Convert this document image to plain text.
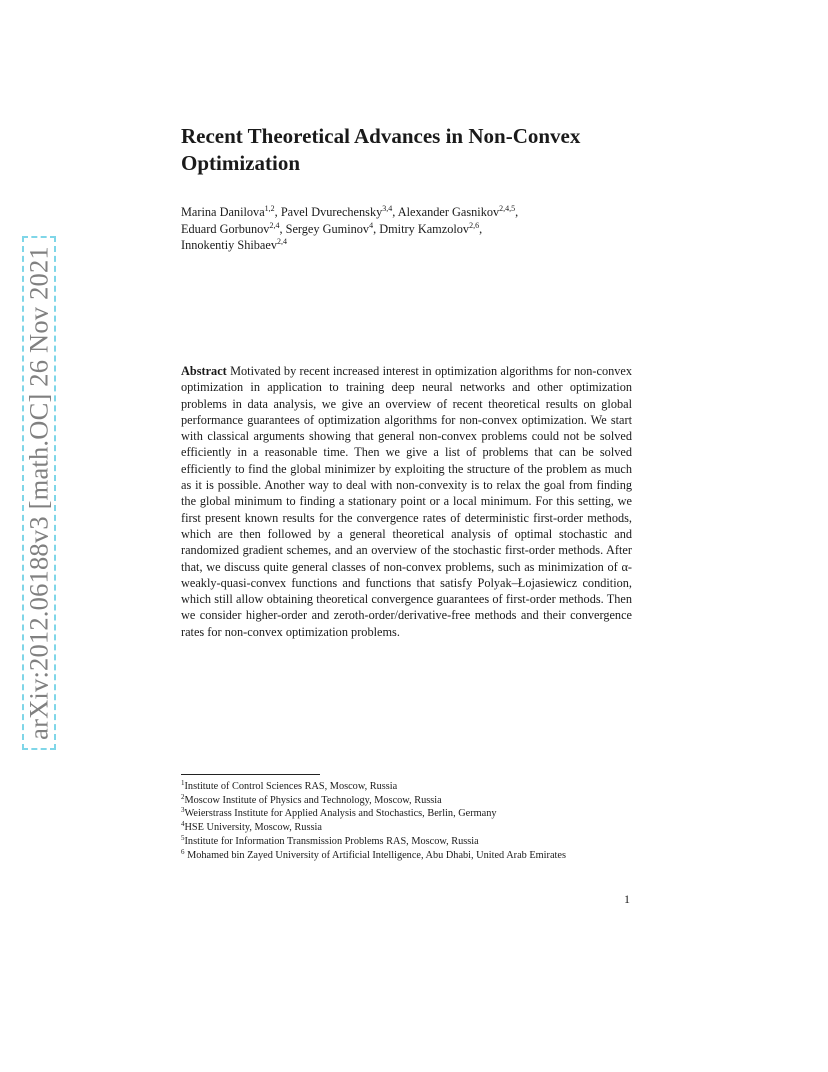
arXiv:2012.06188v3 [math.OC] 26 Nov 2021
Recent Theoretical Advances in Non-Convex Optimization
Marina Danilova$^{1,2}$, Pavel Dvurechensky$^{3,4}$, Alexander Gasnikov$^{2,4,5}$,
Eduard Gorbunov$^{2,4}$, Sergey Guminov$^4$, Dmitry Kamzolov$^{2,6}$,
Innokentiy Shibaev$^{2,4}$

Abstract Motivated by recent increased interest in optimization algorithms for non-convex optimization in application to training deep neural networks and other optimization problems in data analysis, we give an overview of recent theoretical results on global performance guarantees of optimization algorithms for non-convex optimization. We start with classical arguments showing that general non-convex problems could not be solved efficiently in a reasonable time. Then we give a list of problems that can be solved efficiently to find the global minimizer by exploiting the structure of the problem as much as it is possible. Another way to deal with non-convexity is to relax the goal from finding the global minimum to finding a stationary point or a local minimum. For this setting, we first present known results for the convergence rates of deterministic first-order methods, which are then followed by a general theoretical analysis of optimal stochastic and randomized gradient schemes, and an overview of the stochastic first-order methods. After that, we discuss quite general classes of non-convex problems, such as minimization of α-weakly-quasi-convex functions and functions that satisfy Polyak–Łojasiewicz condition, which still allow obtaining theoretical convergence guarantees of first-order methods. Then we consider higher-order and zeroth-order/derivative-free methods and their convergence rates for non-convex optimization problems.

$^1$Institute of Control Sciences RAS, Moscow, Russia
$^2$Moscow Institute of Physics and Technology, Moscow, Russia
$^3$Weierstrass Institute for Applied Analysis and Stochastics, Berlin, Germany
$^4$HSE University, Moscow, Russia
$^5$Institute for Information Transmission Problems RAS, Moscow, Russia
$^6$ Mohamed bin Zayed University of Artificial Intelligence, Abu Dhabi, United Arab Emirates
1
